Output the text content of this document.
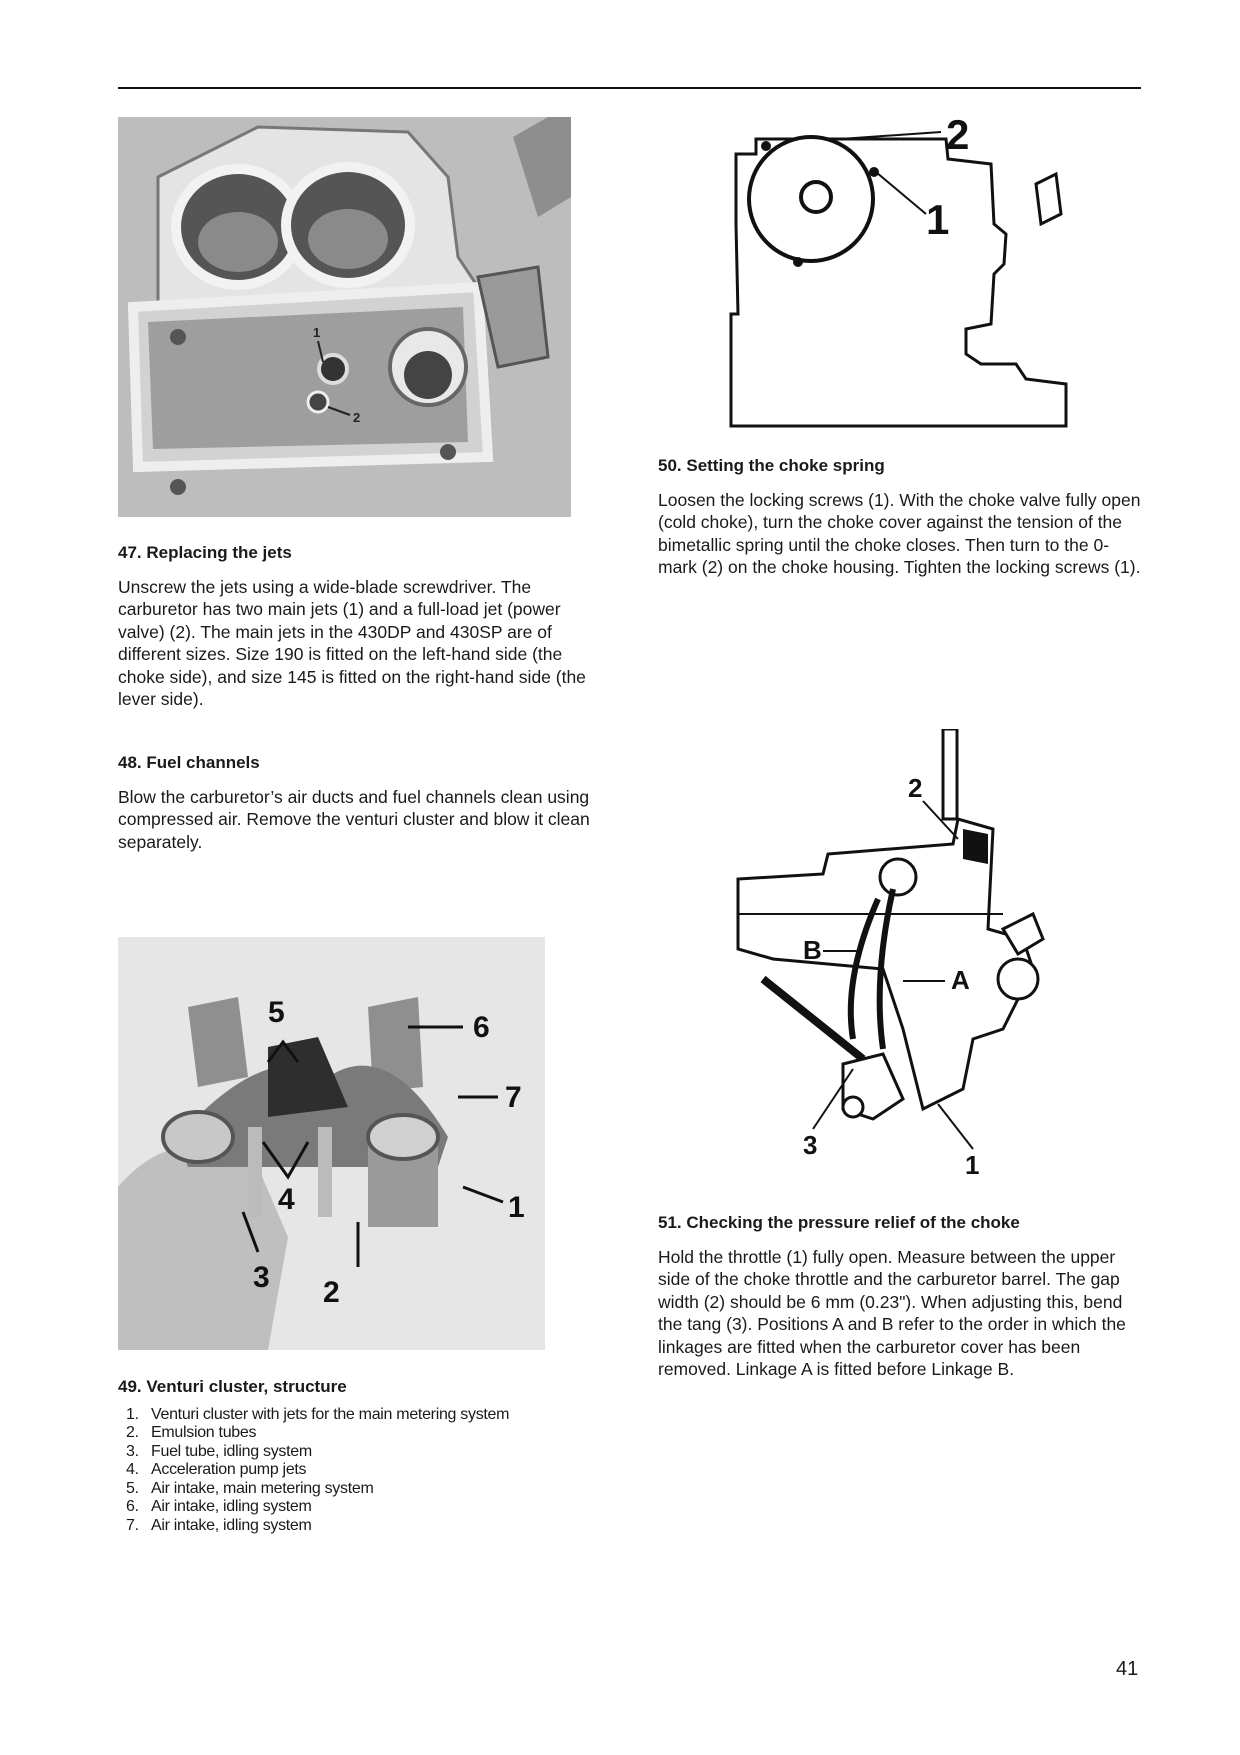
1
2
2
1
5	6
7
4	1
3 2
2
B
A
3
1
47. Replacing the jets

Unscrew the jets using a wide-blade screwdriver. The carburetor has two main jets (1) and a full-load jet (power valve) (2). The main jets in the 430DP and 430SP are of different sizes. Size 190 is fitted on the left-hand side (the choke side), and size 145 is fitted on the right-hand side (the lever side).

48. Fuel channels

Blow the carburetor’s air ducts and fuel channels clean using compressed air. Remove the venturi cluster and blow it clean separately.

49. Venturi cluster, structure
1. Venturi cluster with jets for the main metering system
2. Emulsion tubes
3. Fuel tube, idling system
4. Acceleration pump jets
5. Air intake, main metering system
6. Air intake, idling system
7. Air intake, idling system
50. Setting the choke spring

Loosen the locking screws (1). With the choke valve fully open (cold choke), turn the choke cover against the tension of the bimetallic spring until the choke closes. Then turn to the 0-mark (2) on the choke housing. Tighten the locking screws (1).

51. Checking the pressure relief of the choke

Hold the throttle (1) fully open. Measure between the upper side of the choke throttle and the carburetor barrel. The gap width (2) should be 6 mm (0.23"). When adjusting this, bend the tang (3). Positions A and B refer to the order in which the linkages are fitted when the carburetor cover has been removed. Linkage A is fitted before Linkage B.

41
